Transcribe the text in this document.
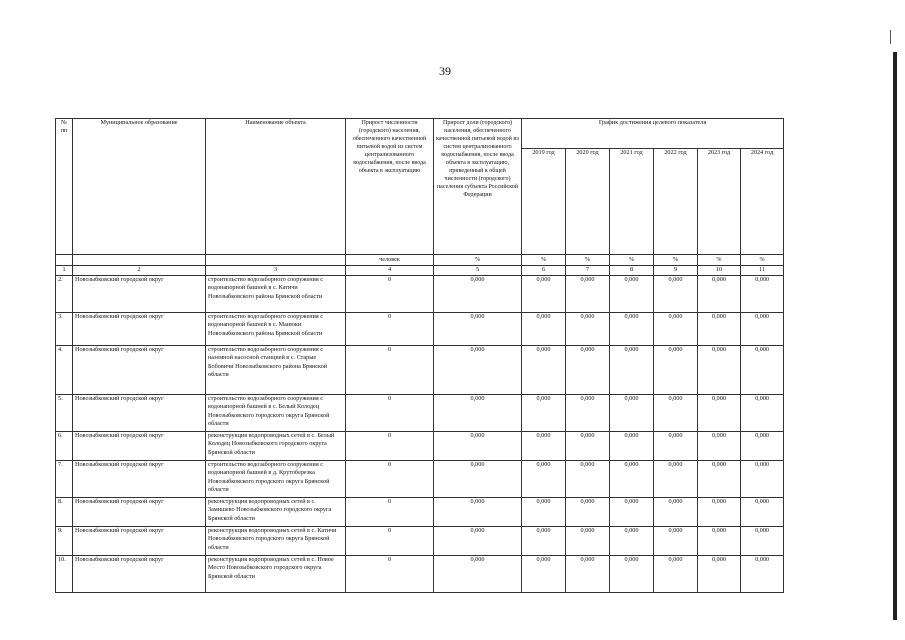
39
№ пп	Муниципальное образование	Наименование объекта	Прирост численности (городского) населения, обеспеченного качественной питьевой водой из систем централизованного водоснабжения, после ввода объекта в эксплуатацию	Прирост доли (городского) населения, обеспеченного качественной питьевой водой из систем централизованного водоснабжения, после ввода объекта в эксплуатацию, приведенный к общей численности (городского) населения субъекта Российской Федерации	График достижения целевого показателя					
					2019 год	2020 год	2021 год	2022 год	2023 год	2024 год
			человек	%	%	%	%	%	%	%
1	2	3	4	5	6	7	8	9	10	11
2.	Новозыбковский городской округ	строительство водозаборного сооружения с водонапорной башней в с. Катичи Новозыбковского района Брянской области	0	0,000	0,000	0,000	0,000	0,000	0,000	0,000
3.	Новозыбковский городской округ	строительство водозаборного сооружения с водонапорной башней в с. Манюки Новозыбковского района Брянской области	0	0,000	0,000	0,000	0,000	0,000	0,000	0,000
4.	Новозыбковский городской округ	строительство водозаборного сооружения с наземной насосной станцией в с. Старые Бобовичи Новозыбковского района Брянской области	0	0,000	0,000	0,000	0,000	0,000	0,000	0,000
5.	Новозыбковский городской округ	строительство водозаборного сооружения с водонапорной башней в с. Белый Колодец Новозыбковского городского округа Брянской области	0	0,000	0,000	0,000	0,000	0,000	0,000	0,000
6.	Новозыбковский городской округ	реконструкция водопроводных сетей в с. Белый Колодец Новозыбковского городского округа Брянской области	0	0,000	0,000	0,000	0,000	0,000	0,000	0,000
7.	Новозыбковский городской округ	строительство водозаборного сооружения с водонапорной башней в д. Крутоберезка Новозыбковского городского округа Брянской области	0	0,000	0,000	0,000	0,000	0,000	0,000	0,000
8.	Новозыбковский городской округ	реконструкция водопроводных сетей в с. Замишево Новозыбковского городского округа Брянской области	0	0,000	0,000	0,000	0,000	0,000	0,000	0,000
9.	Новозыбковский городской округ	реконструкция водопроводных сетей в с. Катичи Новозыбковского городского округа Брянской области	0	0,000	0,000	0,000	0,000	0,000	0,000	0,000
10.	Новозыбковский городской округ	реконструкция водопроводных сетей в с. Новое Место Новозыбковского городского округа Брянской области	0	0,000	0,000	0,000	0,000	0,000	0,000	0,000
